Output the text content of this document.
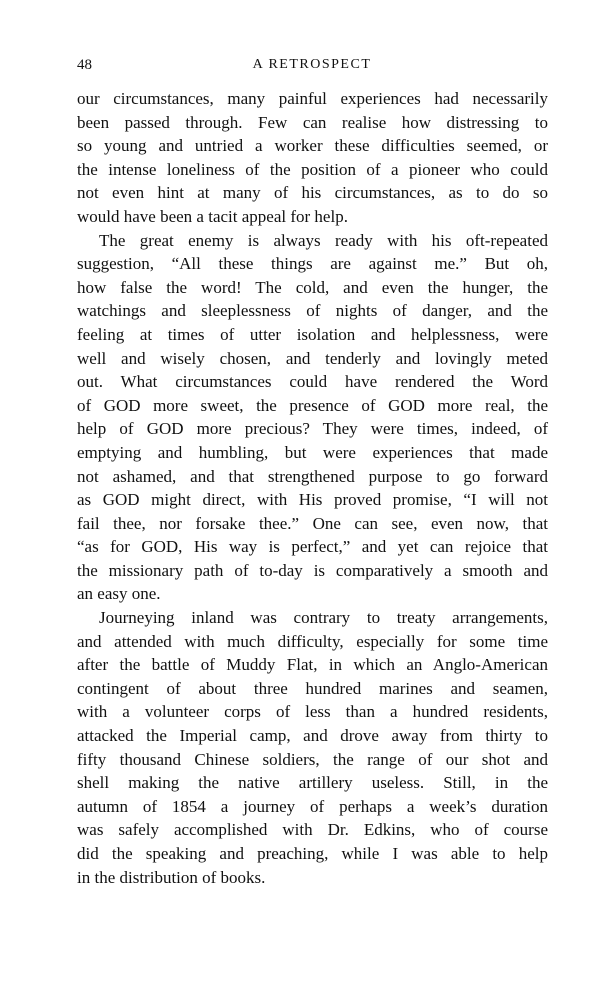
48	A RETROSPECT
our circumstances, many painful experiences had necessarily
been passed through. Few can realise how distressing to
so young and untried a worker these difficulties seemed, or
the intense loneliness of the position of a pioneer who could
not even hint at many of his circumstances, as to do so
would have been a tacit appeal for help.
The great enemy is always ready with his oft-repeated
suggestion, “All these things are against me.” But oh,
how false the word! The cold, and even the hunger, the
watchings and sleeplessness of nights of danger, and the
feeling at times of utter isolation and helplessness, were
well and wisely chosen, and tenderly and lovingly meted
out. What circumstances could have rendered the Word
of GOD more sweet, the presence of GOD more real, the
help of GOD more precious? They were times, indeed, of
emptying and humbling, but were experiences that made
not ashamed, and that strengthened purpose to go forward
as GOD might direct, with His proved promise, “I will not
fail thee, nor forsake thee.” One can see, even now, that
“as for GOD, His way is perfect,” and yet can rejoice that
the missionary path of to-day is comparatively a smooth and
an easy one.
Journeying inland was contrary to treaty arrangements,
and attended with much difficulty, especially for some time
after the battle of Muddy Flat, in which an Anglo-American
contingent of about three hundred marines and seamen,
with a volunteer corps of less than a hundred residents,
attacked the Imperial camp, and drove away from thirty to
fifty thousand Chinese soldiers, the range of our shot and
shell making the native artillery useless. Still, in the
autumn of 1854 a journey of perhaps a week’s duration
was safely accomplished with Dr. Edkins, who of course
did the speaking and preaching, while I was able to help
in the distribution of books.
